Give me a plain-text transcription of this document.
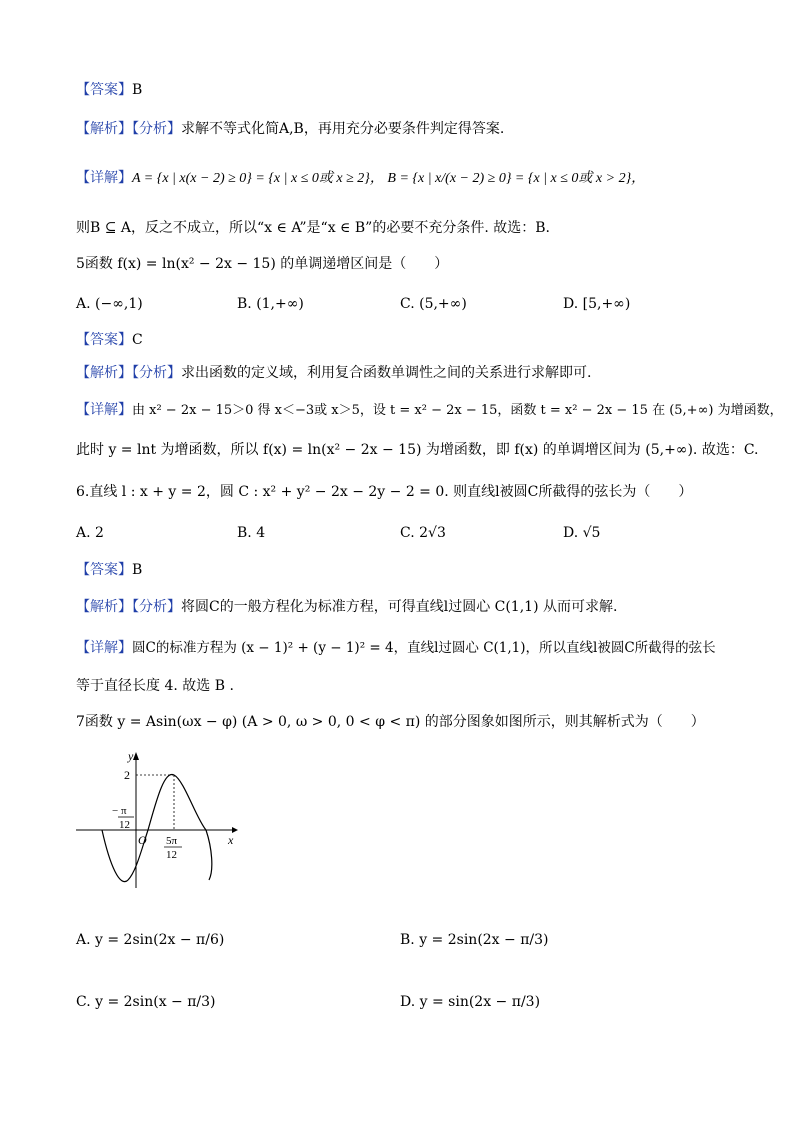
【答案】B
【解析】【分析】求解不等式化简A,B，再用充分必要条件判定得答案.
【详解】A = {x | x(x − 2) ≥ 0} = {x | x ≤ 0或 x ≥ 2}， B = {x | x/(x − 2) ≥ 0} = {x | x ≤ 0或 x > 2}，
则B ⊆ A，反之不成立，所以“x ∈ A”是“x ∈ B”的必要不充分条件. 故选：B.
5函数 f(x) = ln(x² − 2x − 15) 的单调递增区间是（　　）
A. (−∞,1)	B. (1,+∞)	C. (5,+∞)	D. [5,+∞)
【答案】C
【解析】【分析】求出函数的定义域，利用复合函数单调性之间的关系进行求解即可.
【详解】由 x² − 2x − 15＞0 得 x＜−3或 x＞5，设 t = x² − 2x − 15，函数 t = x² − 2x − 15 在 (5,+∞) 为增函数，
此时 y = lnt 为增函数，所以 f(x) = ln(x² − 2x − 15) 为增函数，即 f(x) 的单调增区间为 (5,+∞). 故选：C.
6.直线 l : x + y = 2，圆 C : x² + y² − 2x − 2y − 2 = 0. 则直线l被圆C所截得的弦长为（　　）
A. 2	B. 4	C. 2√3	D. √5
【答案】B
【解析】【分析】将圆C的一般方程化为标准方程，可得直线l过圆心 C(1,1) 从而可求解.
【详解】圆C的标准方程为 (x − 1)² + (y − 1)² = 4，直线l过圆心 C(1,1)，所以直线l被圆C所截得的弦长
等于直径长度 4. 故选 B .
7函数 y = Asin(ωx − φ) (A > 0, ω > 0, 0 < φ < π) 的部分图象如图所示，则其解析式为（　　）
y
x
2
O
− π
12
5π
12
A. y = 2sin(2x − π/6)	B. y = 2sin(2x − π/3)
C. y = 2sin(x − π/3)	D. y = sin(2x − π/3)
